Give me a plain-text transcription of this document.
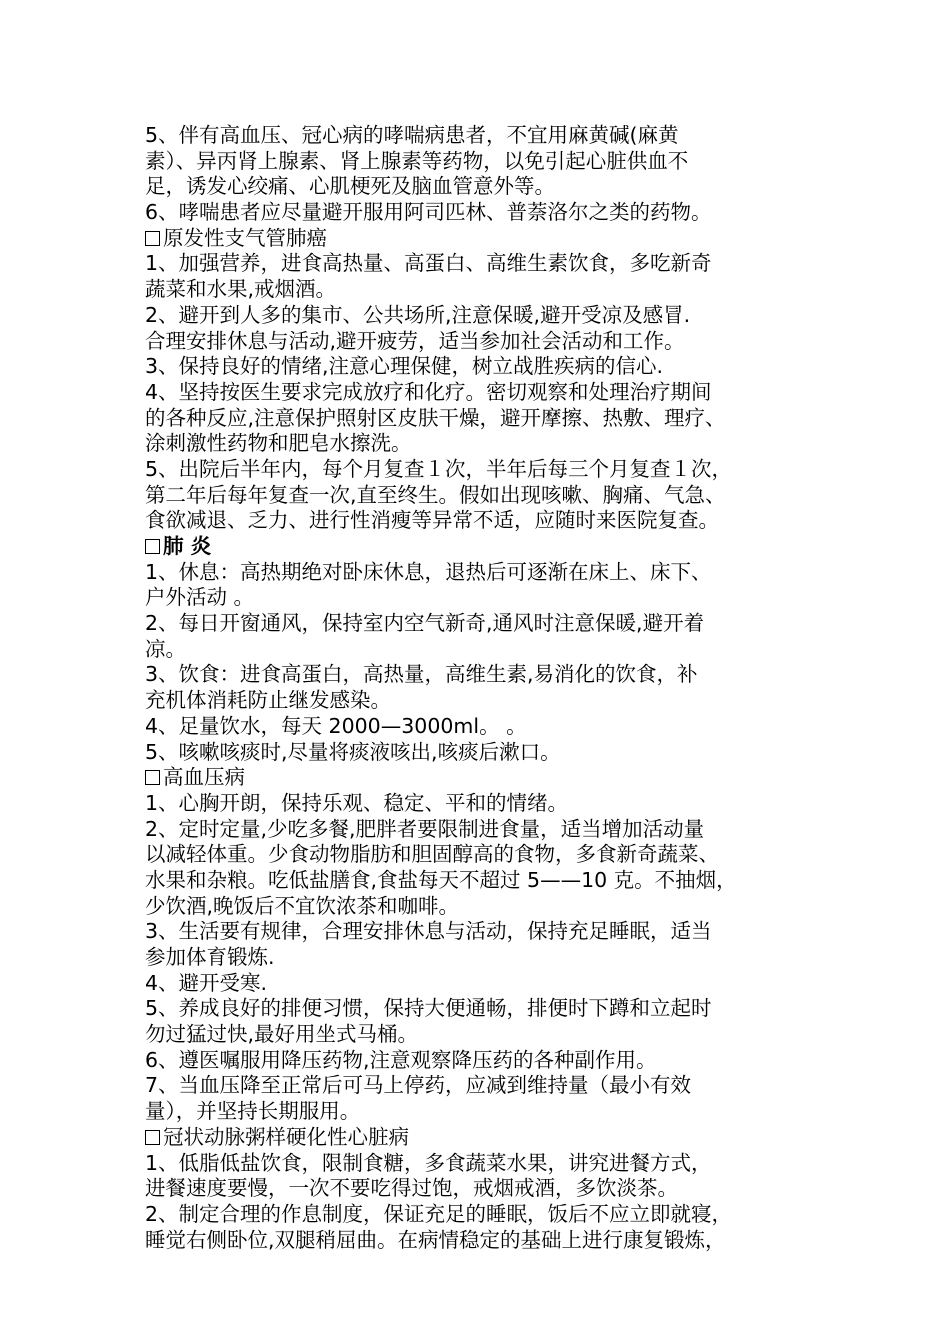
5、伴有高血压、冠心病的哮喘病患者，不宜用麻黄碱(麻黄
素）、异丙肾上腺素、肾上腺素等药物，以免引起心脏供血不
足，诱发心绞痛、心肌梗死及脑血管意外等。
6、哮喘患者应尽量避开服用阿司匹林、普萘洛尔之类的药物。
原发性支气管肺癌
1、加强营养，进食高热量、高蛋白、高维生素饮食，多吃新奇
蔬菜和水果,戒烟酒。
2、避开到人多的集市、公共场所,注意保暖,避开受凉及感冒.
合理安排休息与活动,避开疲劳，适当参加社会活动和工作。
3、保持良好的情绪,注意心理保健，树立战胜疾病的信心.
4、坚持按医生要求完成放疗和化疗。密切观察和处理治疗期间
的各种反应,注意保护照射区皮肤干燥，避开摩擦、热敷、理疗、
涂刺激性药物和肥皂水擦洗。
5、出院后半年内，每个月复查１次，半年后每三个月复查１次，
第二年后每年复查一次,直至终生。假如出现咳嗽、胸痛、气急、
食欲减退、乏力、进行性消瘦等异常不适，应随时来医院复查。
肺 炎
1、休息：高热期绝对卧床休息，退热后可逐渐在床上、床下、
户外活动 。
2、每日开窗通风，保持室内空气新奇,通风时注意保暖,避开着
凉。
3、饮食：进食高蛋白，高热量，高维生素,易消化的饮食，补
充机体消耗防止继发感染。
4、足量饮水，每天 2000—3000ml。 。
5、咳嗽咳痰时,尽量将痰液咳出,咳痰后漱口。
高血压病
1、心胸开朗，保持乐观、稳定、平和的情绪。
2、定时定量,少吃多餐,肥胖者要限制进食量，适当增加活动量
以减轻体重。少食动物脂肪和胆固醇高的食物，多食新奇蔬菜、
水果和杂粮。吃低盐膳食,食盐每天不超过 5——10 克。不抽烟，
少饮酒,晚饭后不宜饮浓茶和咖啡。
3、生活要有规律，合理安排休息与活动，保持充足睡眠，适当
参加体育锻炼.
4、避开受寒.
5、养成良好的排便习惯，保持大便通畅，排便时下蹲和立起时
勿过猛过快,最好用坐式马桶。
6、遵医嘱服用降压药物,注意观察降压药的各种副作用。
7、当血压降至正常后可马上停药，应减到维持量（最小有效
量），并坚持长期服用。
冠状动脉粥样硬化性心脏病
1、低脂低盐饮食，限制食糖，多食蔬菜水果，讲究进餐方式，
进餐速度要慢，一次不要吃得过饱，戒烟戒酒，多饮淡茶。
2、制定合理的作息制度，保证充足的睡眠，饭后不应立即就寝，
睡觉右侧卧位,双腿稍屈曲。在病情稳定的基础上进行康复锻炼，
